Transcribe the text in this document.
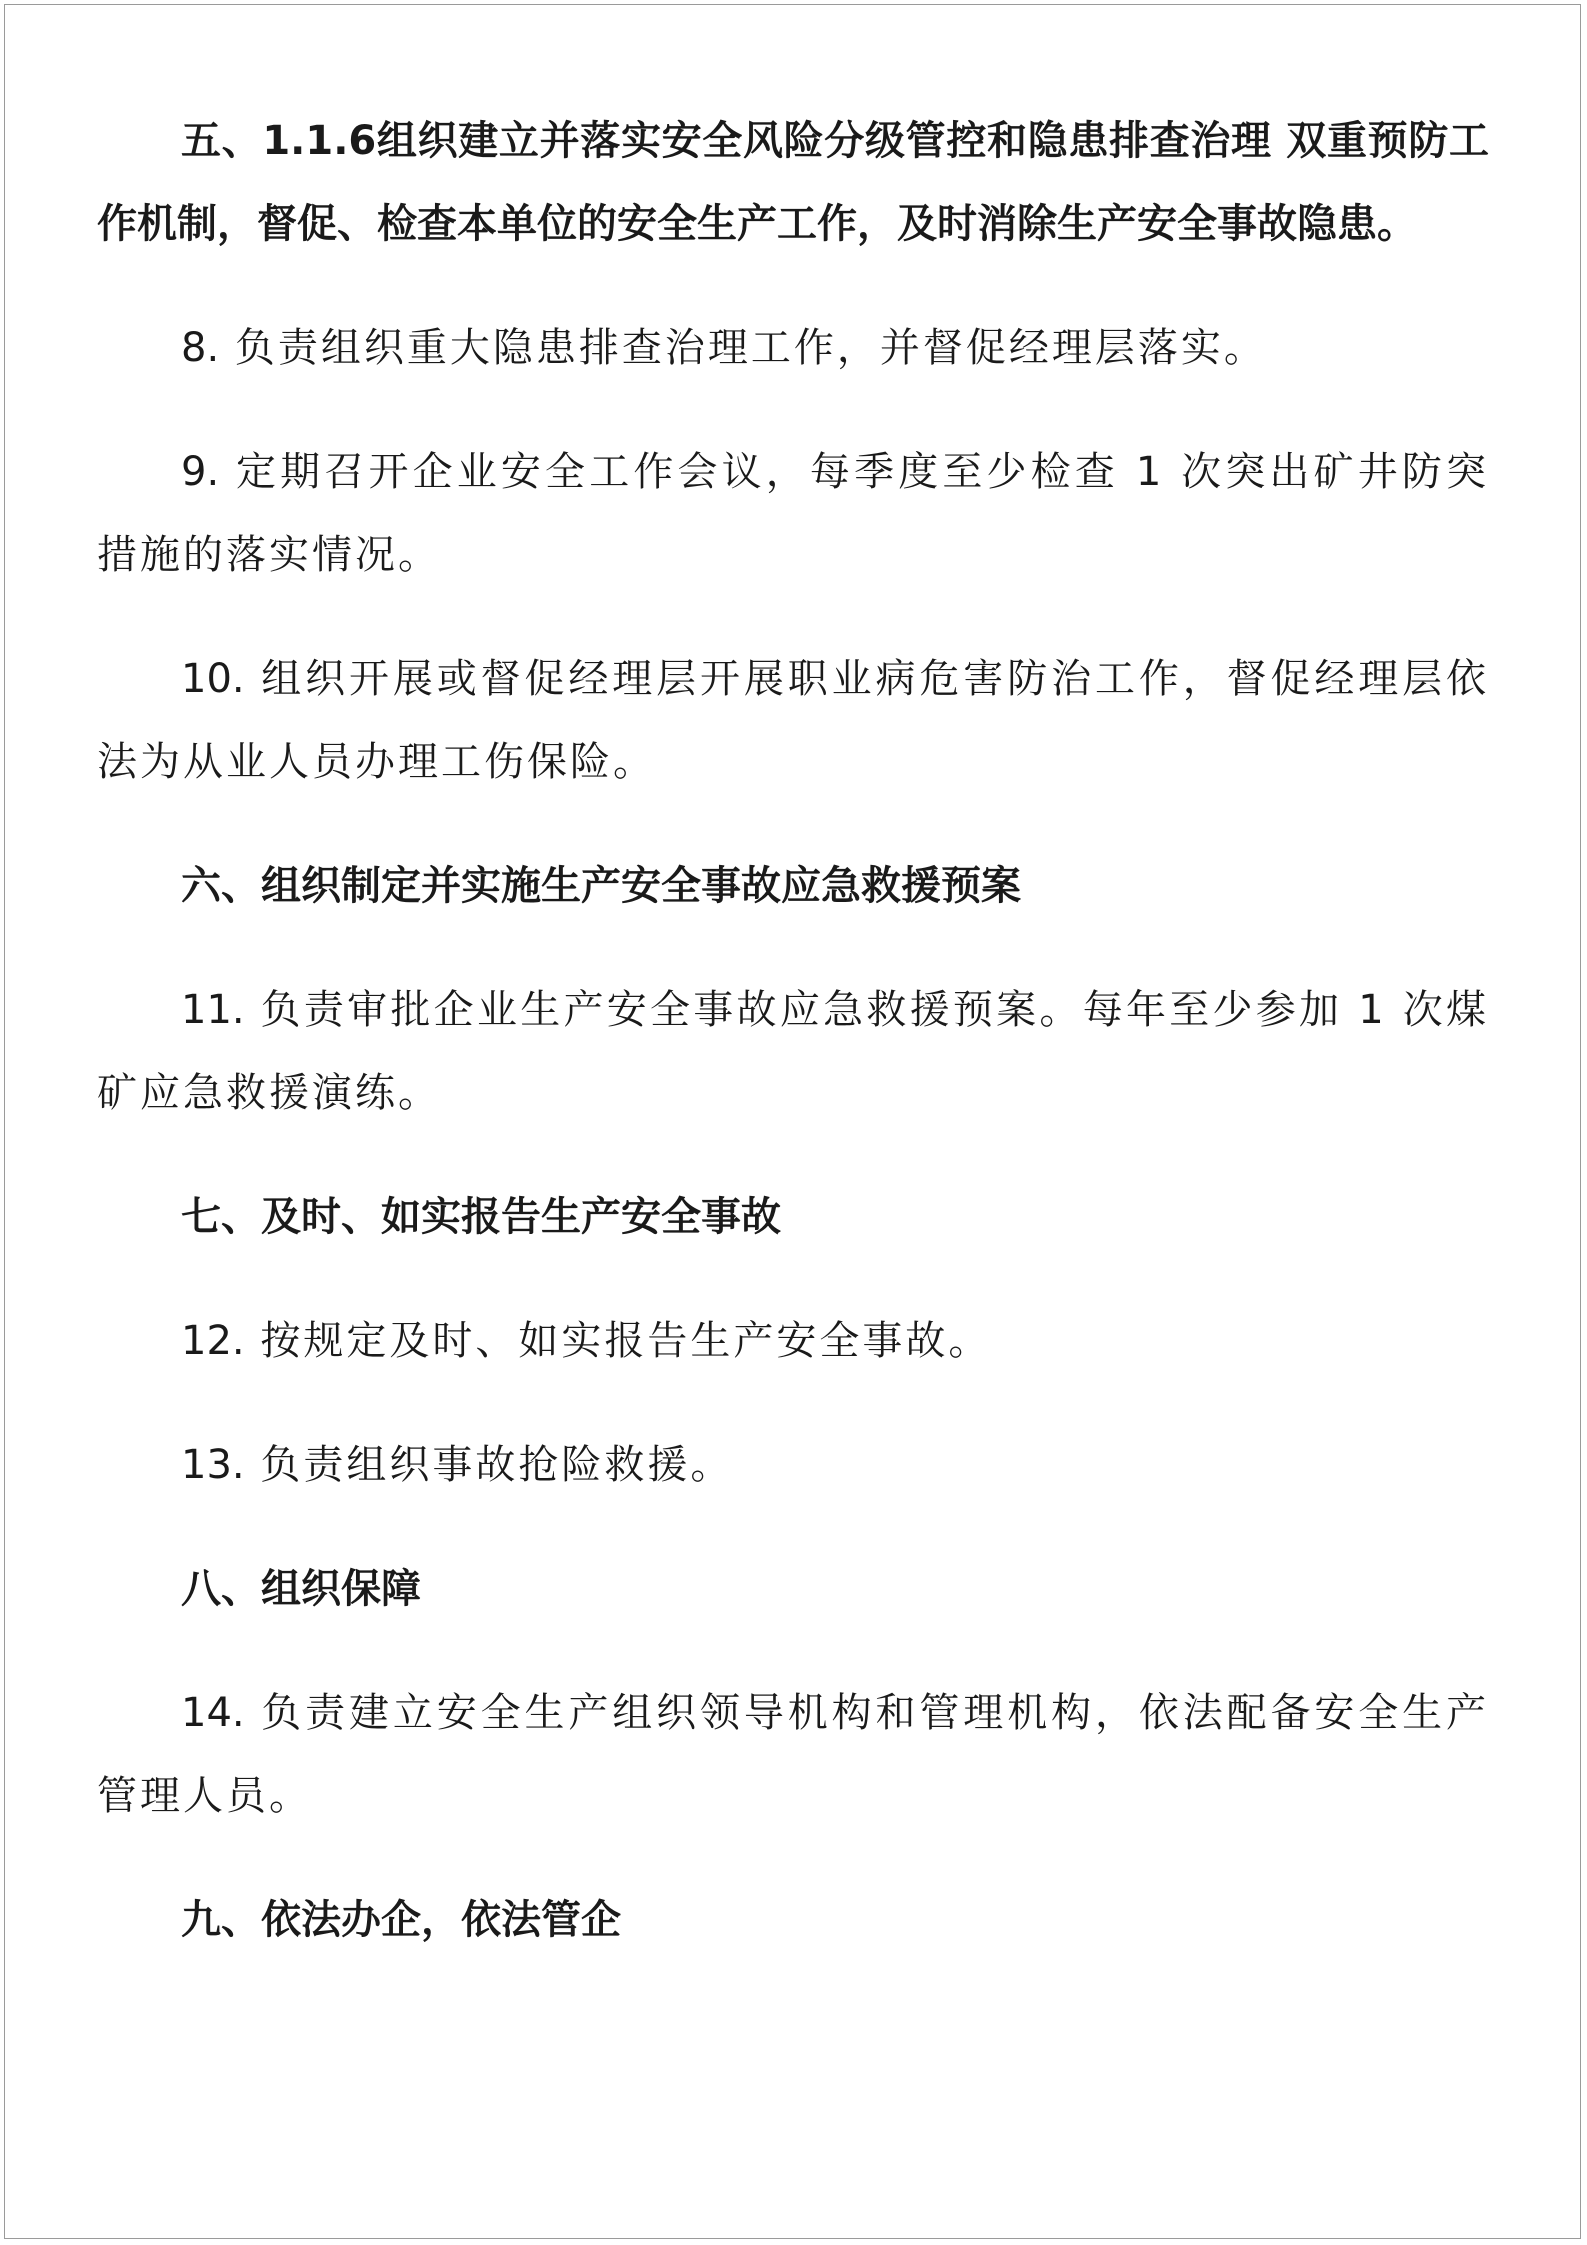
五、1.1.6组织建立并落实安全风险分级管控和隐患排查治理 双重预防工作机制，督促、检查本单位的安全生产工作，及时消除生产安全事故隐患。

8. 负责组织重大隐患排查治理工作，并督促经理层落实。

9. 定期召开企业安全工作会议，每季度至少检查 1 次突出矿井防突措施的落实情况。

10. 组织开展或督促经理层开展职业病危害防治工作，督促经理层依法为从业人员办理工伤保险。

六、组织制定并实施生产安全事故应急救援预案

11. 负责审批企业生产安全事故应急救援预案。每年至少参加 1 次煤矿应急救援演练。

七、及时、如实报告生产安全事故

12. 按规定及时、如实报告生产安全事故。

13. 负责组织事故抢险救援。

八、组织保障

14. 负责建立安全生产组织领导机构和管理机构，依法配备安全生产管理人员。

九、依法办企，依法管企
